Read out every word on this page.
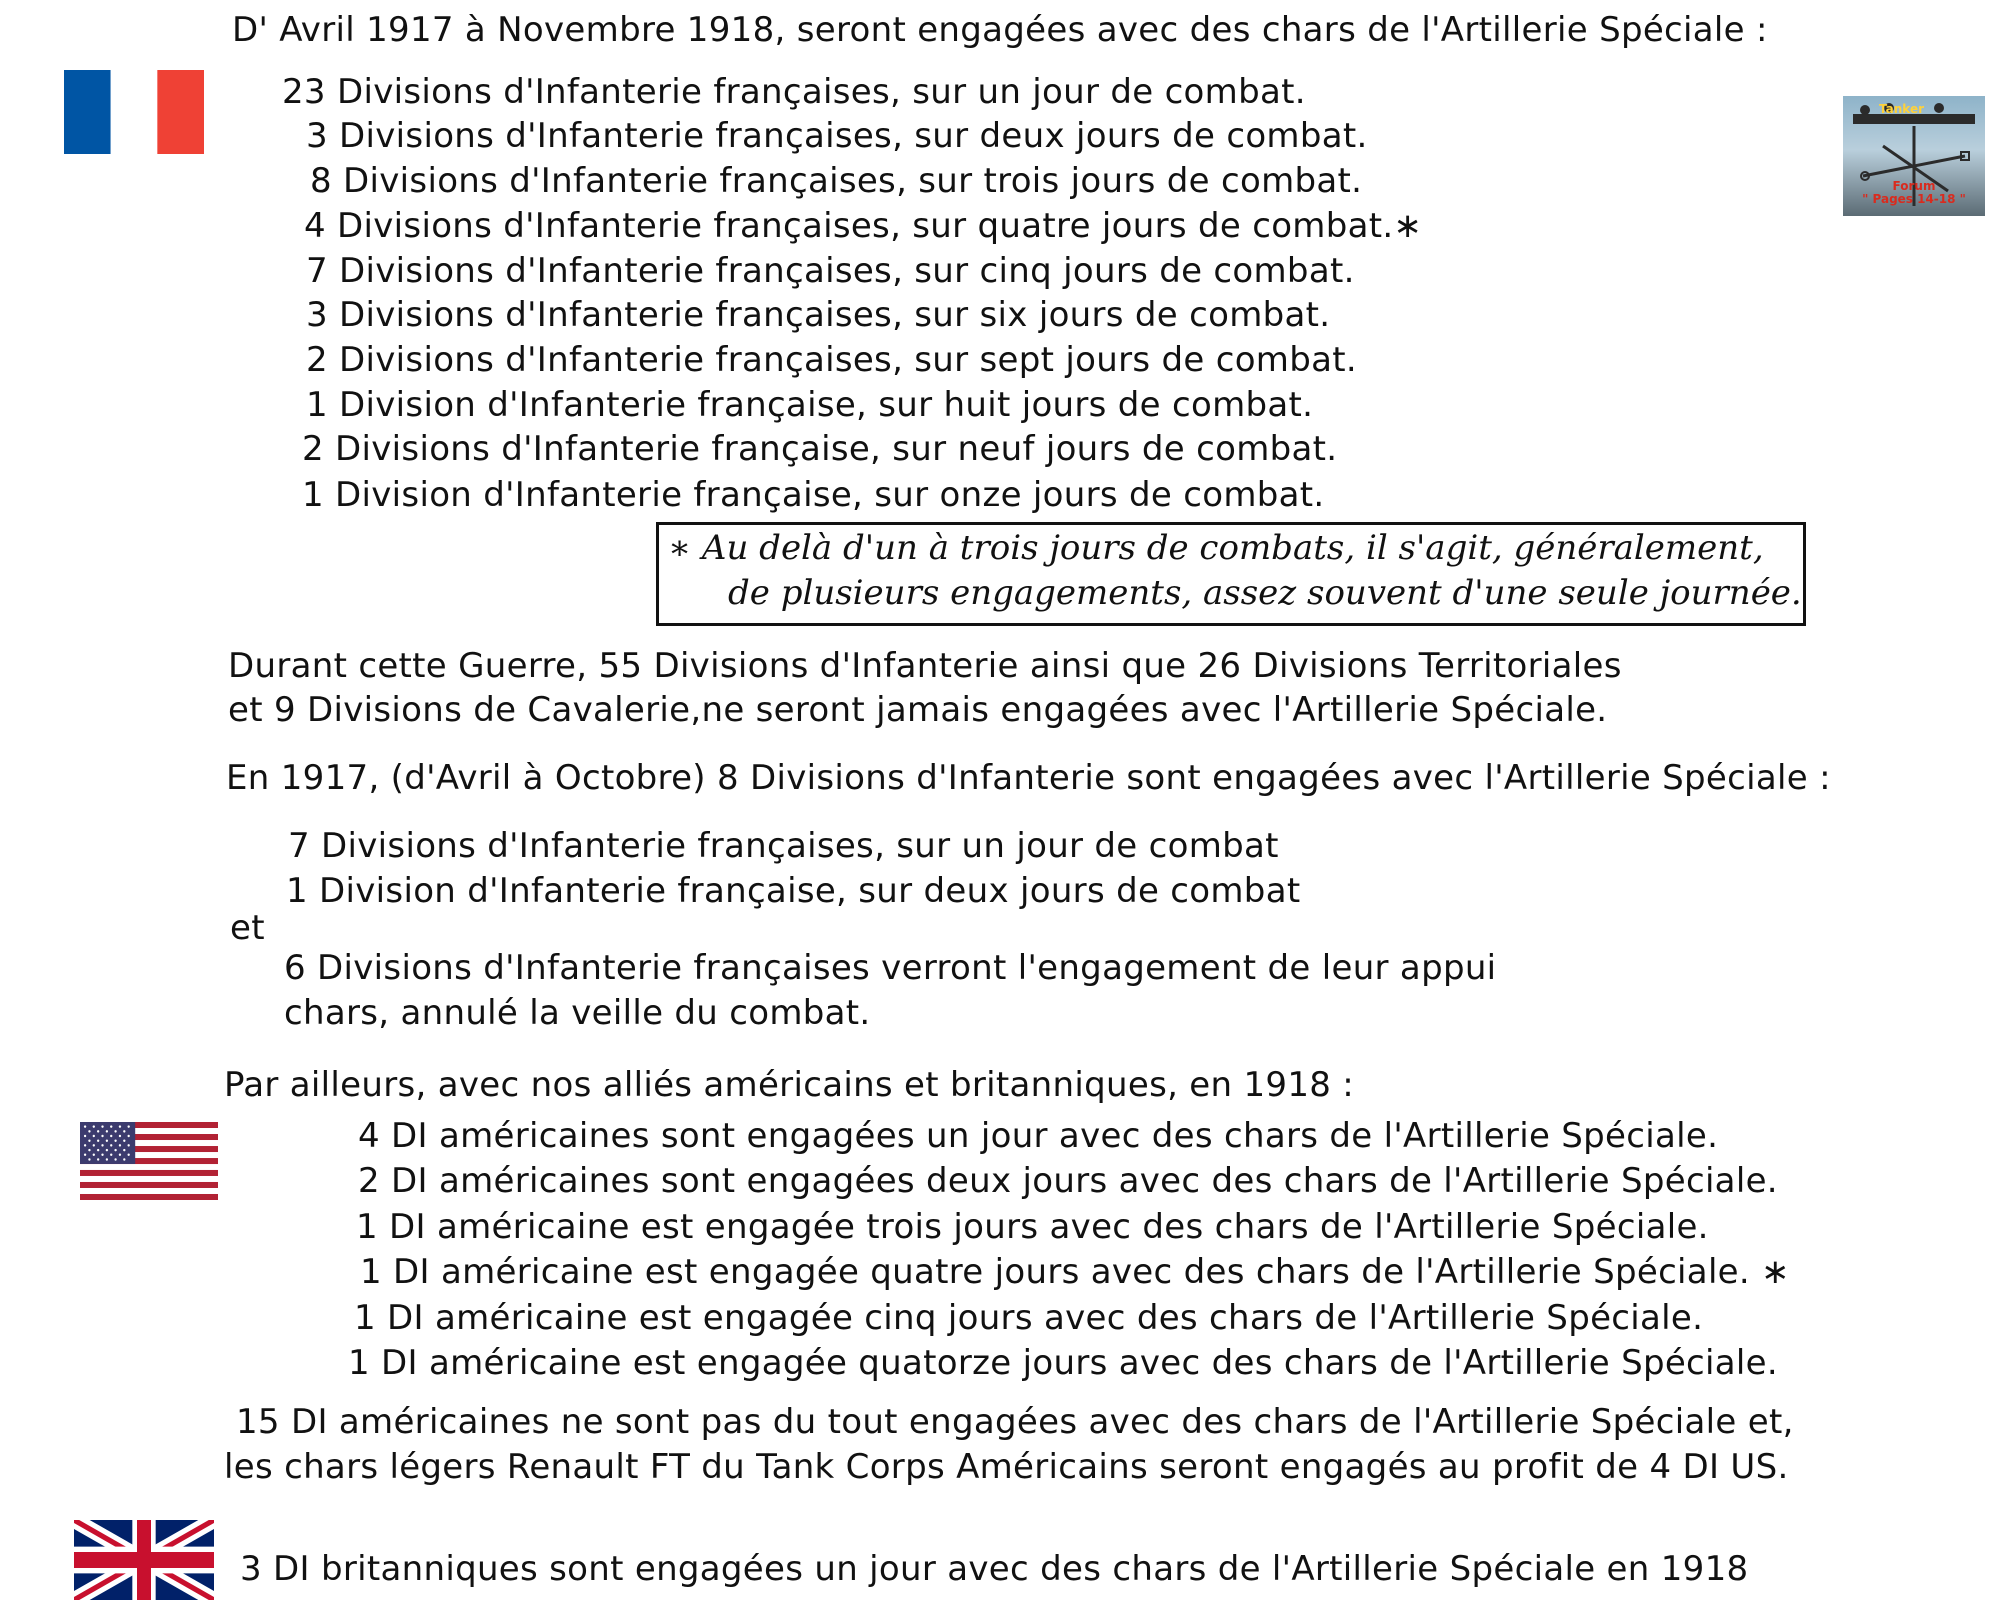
D' Avril 1917 à Novembre 1918, seront engagées avec des chars de l'Artillerie Spéciale :
Tanker
Forum
" Pages 14-18 "
23 Divisions d'Infanterie françaises, sur un jour de combat.
3 Divisions d'Infanterie françaises, sur deux jours de combat.
8 Divisions d'Infanterie françaises, sur trois jours de combat.
4 Divisions d'Infanterie françaises, sur quatre jours de combat.∗
7 Divisions d'Infanterie françaises, sur cinq jours de combat.
3 Divisions d'Infanterie françaises, sur six jours de combat.
2 Divisions d'Infanterie françaises, sur sept jours de combat.
1 Division d'Infanterie française, sur huit jours de combat.
2 Divisions d'Infanterie française, sur neuf jours de combat.
1 Division d'Infanterie française, sur onze jours de combat.
∗ Au delà d'un à trois jours de combats, il s'agit, généralement,
de plusieurs engagements, assez souvent d'une seule journée.
Durant cette Guerre, 55 Divisions d'Infanterie ainsi que 26 Divisions Territoriales
et 9 Divisions de Cavalerie,ne seront jamais engagées avec l'Artillerie Spéciale.
En 1917, (d'Avril à Octobre) 8 Divisions d'Infanterie sont engagées avec l'Artillerie Spéciale :
7 Divisions d'Infanterie françaises, sur un jour de combat
1 Division d'Infanterie française, sur deux jours de combat
et
6 Divisions d'Infanterie françaises verront l'engagement de leur appui
chars, annulé la veille du combat.
Par ailleurs, avec nos alliés américains et britanniques, en 1918 :
4 DI américaines sont engagées un jour avec des chars de l'Artillerie Spéciale.
2 DI américaines sont engagées deux jours avec des chars de l'Artillerie Spéciale.
1 DI américaine est engagée trois jours avec des chars de l'Artillerie Spéciale.
1 DI américaine est engagée quatre jours avec des chars de l'Artillerie Spéciale. ∗
1 DI américaine est engagée cinq jours avec des chars de l'Artillerie Spéciale.
1 DI américaine est engagée quatorze jours avec des chars de l'Artillerie Spéciale.
15 DI américaines ne sont pas du tout engagées avec des chars de l'Artillerie Spéciale et,
les chars légers Renault FT du Tank Corps Américains seront engagés au profit de 4 DI US.
3 DI britanniques sont engagées un jour avec des chars de l'Artillerie Spéciale en 1918
